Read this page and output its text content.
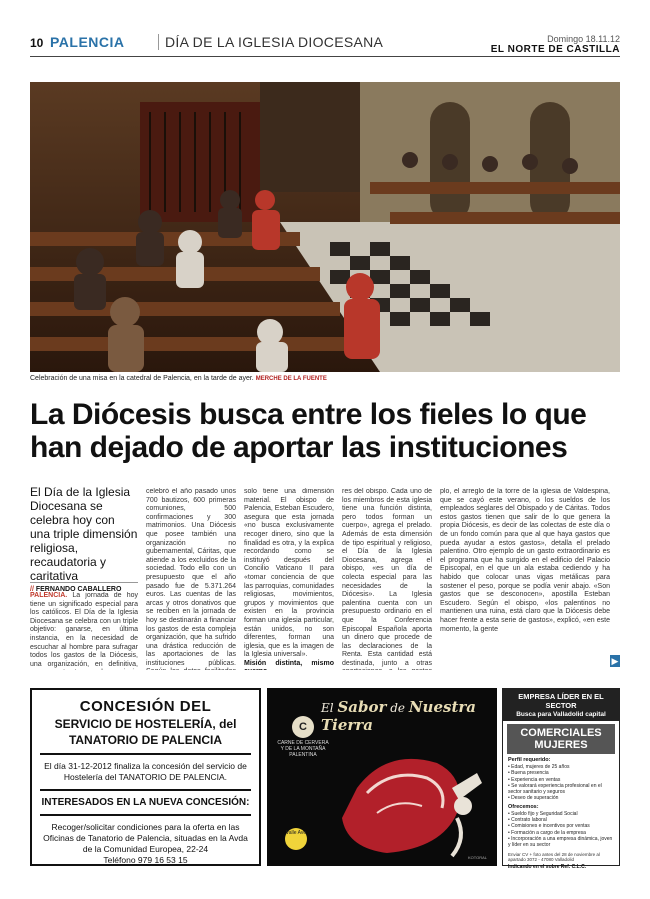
10 PALENCIA	DÍA DE LA IGLESIA DIOCESANA	Domingo 18.11.12
EL NORTE DE CASTILLA
Celebración de una misa en la catedral de Palencia, en la tarde de ayer. MERCHE DE LA FUENTE
La Diócesis busca entre los fieles lo que han dejado de aportar las instituciones
El Día de la Iglesia Diocesana se celebra hoy con una triple dimensión religiosa, recaudatoria y caritativa
// FERNANDO CABALLERO
PALENCIA. La jornada de hoy tiene un significado especial para los católicos. El Día de la Iglesia Diocesana se celebra con un triple objetivo: ganarse, en última instancia, en la necesidad de escuchar al hombre para sufragar todos los gastos de la Diócesis, una organización, en definitiva,
celebró el año pasado unos 700 bautizos, 600 primeras comuniones, 500 confirmaciones y 300 matrimonios. Una Diócesis que posee también una organización no gubernamental, Cáritas, que atiende a los excluidos de la sociedad. Todo ello con un presupuesto que el año pasado fue de 5.371.264 euros. Las cuentas de las arcas y otros donativos que se reciben en la jornada de hoy se destinarán a financiar los gastos de esta compleja organización, que ha sufrido una drástica reducción de las aportaciones de las instituciones públicas.
solo tiene una dimensión material. El obispo de Palencia, Esteban Escudero, asegura que esta jornada «no busca exclusivamente recoger dinero, sino que la finalidad es otra, y la explica recordando como se instituyó después del Concilio Vaticano II para «tomar conciencia de que las parroquias, comunidades religiosas, movimientos, grupos y movimientos que existen en la provincia forman una iglesia particular, están unidos, no son diferentes, forman una iglesia, que es la imagen de la Iglesia universal».
Misión distinta, mismo
res del obispo. Cada uno de los miembros de esta iglesia tiene una función distinta, pero todos forman un cuerpo», agrega el prelado. Además de esta dimensión de tipo espiritual y religioso, el Día de la Iglesia Diocesana, agrega el obispo, «es un día de colecta especial para las necesidades de la Diócesis». La Iglesia palentina cuenta con un presupuesto ordinario en el que la Conferencia Episcopal Española aporta un dinero que procede de las declaraciones de la Renta. Esta cantidad está destinada, junto a otras
plo, el arreglo de la torre de la iglesia de Valdespina, que se cayó este verano, o los sueldos de los empleados seglares del Obispado y de Cáritas. Todos estos gastos tienen que salir de lo que genera la propia Diócesis, es decir de las colectas de este día o de un fondo común para que al que haya gastos que pueda ayudar a estos gastos», detalla el prelado palentino. Otro ejemplo de un gasto extraordinario es el programa que ha surgido en el edificio del Palacio Episcopal, en el que un ala estaba cediendo y ha habido que colocar unas vigas metálicas para sostener el peso, porque se podía venir abajo. «Son gastos que se desconocen», apostilla Esteban Escudero. Según el obispo, «los palentinos no mantienen una ruina, está claro que la Diócesis debe hacer frente a esta serie de gastos», explicó, «en este momento, la gente
▶
CONCESIÓN DEL
SERVICIO DE HOSTELERÍA, del
TANATORIO DE PALENCIA
El día 31-12-2012 finaliza la concesión del servicio de Hostelería del TANATORIO DE PALENCIA.
INTERESADOS EN LA NUEVA CONCESIÓN:
Recoger/solicitar condiciones para la oferta en las Oficinas de Tanatorio de Palencia, situadas en la Avda de la Comunidad Europea, 22-24
Teléfono 979 16 53 15
El Sabor de Nuestra Tierra
C
CARNE DE CERVERA
Y DE LA MONTAÑA PALENTINA
Valle Ave
KOTORAL
EMPRESA LÍDER EN EL SECTOR
Busca para Valladolid capital
COMERCIALES MUJERES
Perfil requerido:
• Edad, mujeres de 25 años
• Buena presencia
• Experiencia en ventas
• Se valorará experiencia profesional en el sector sanitario y seguros
• Deseo de superación
Ofrecemos:
• Sueldo fijo y Seguridad Social
• Contrato laboral
• Comisiones e incentivos por ventas
• Formación a cargo de la empresa
• Incorporación a una empresa dinámica, joven y líder en su sector
Enviar CV + foto antes del 28 de noviembre al apartado 3072 - 47080 Valladolid
Indicando en el sobre Ref. C.L.C.
